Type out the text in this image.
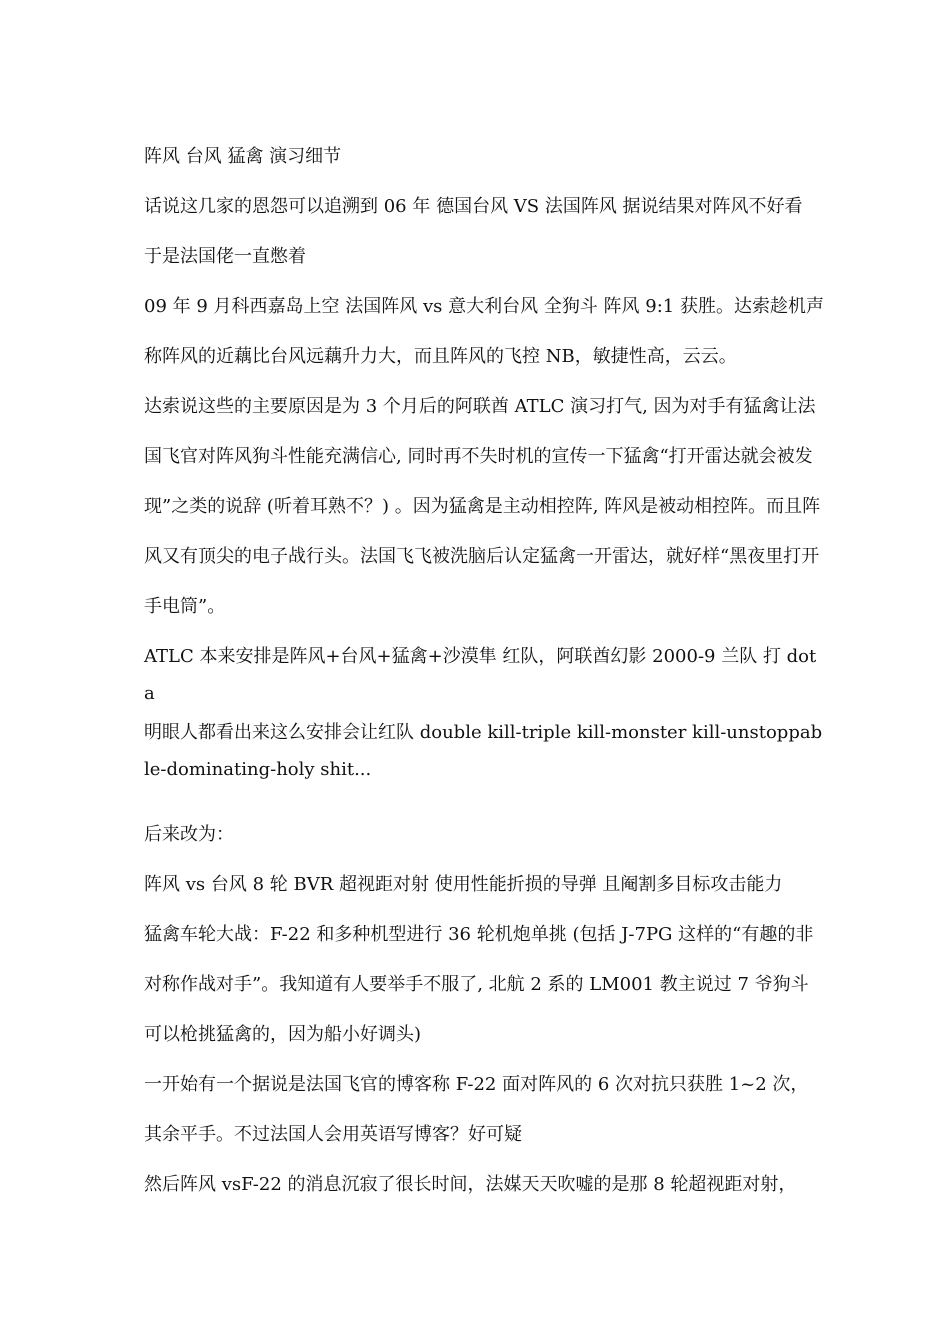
阵风 台风 猛禽 演习细节

话说这几家的恩怨可以追溯到 06 年 德国台风 VS 法国阵风 据说结果对阵风不好看 于是法国佬一直憋着

09 年 9 月科西嘉岛上空 法国阵风 vs 意大利台风 全狗斗 阵风 9:1 获胜。达索趁机声称阵风的近藕比台风远藕升力大，而且阵风的飞控 NB，敏捷性高，云云。

达索说这些的主要原因是为 3 个月后的阿联酋 ATLC 演习打气, 因为对手有猛禽让法国飞官对阵风狗斗性能充满信心, 同时再不失时机的宣传一下猛禽“打开雷达就会被发现”之类的说辞 (听着耳熟不？) 。因为猛禽是主动相控阵, 阵风是被动相控阵。而且阵风又有顶尖的电子战行头。法国飞飞被洗脑后认定猛禽一开雷达，就好样“黑夜里打开手电筒”。

ATLC 本来安排是阵风+台风+猛禽+沙漠隼 红队，阿联酋幻影 2000-9 兰队 打 dota

明眼人都看出来这么安排会让红队 double kill-triple kill-monster kill-unstoppable-dominating-holy shit...

后来改为：

阵风 vs 台风 8 轮 BVR 超视距对射 使用性能折损的导弹 且阉割多目标攻击能力

猛禽车轮大战：F-22 和多种机型进行 36 轮机炮单挑 (包括 J-7PG 这样的“有趣的非对称作战对手”。我知道有人要举手不服了, 北航 2 系的 LM001 教主说过 7 爷狗斗可以枪挑猛禽的，因为船小好调头)

一开始有一个据说是法国飞官的博客称 F-22 面对阵风的 6 次对抗只获胜 1~2 次，其余平手。不过法国人会用英语写博客？好可疑

然后阵风 vsF-22 的消息沉寂了很长时间，法媒天天吹嘘的是那 8 轮超视距对射，
